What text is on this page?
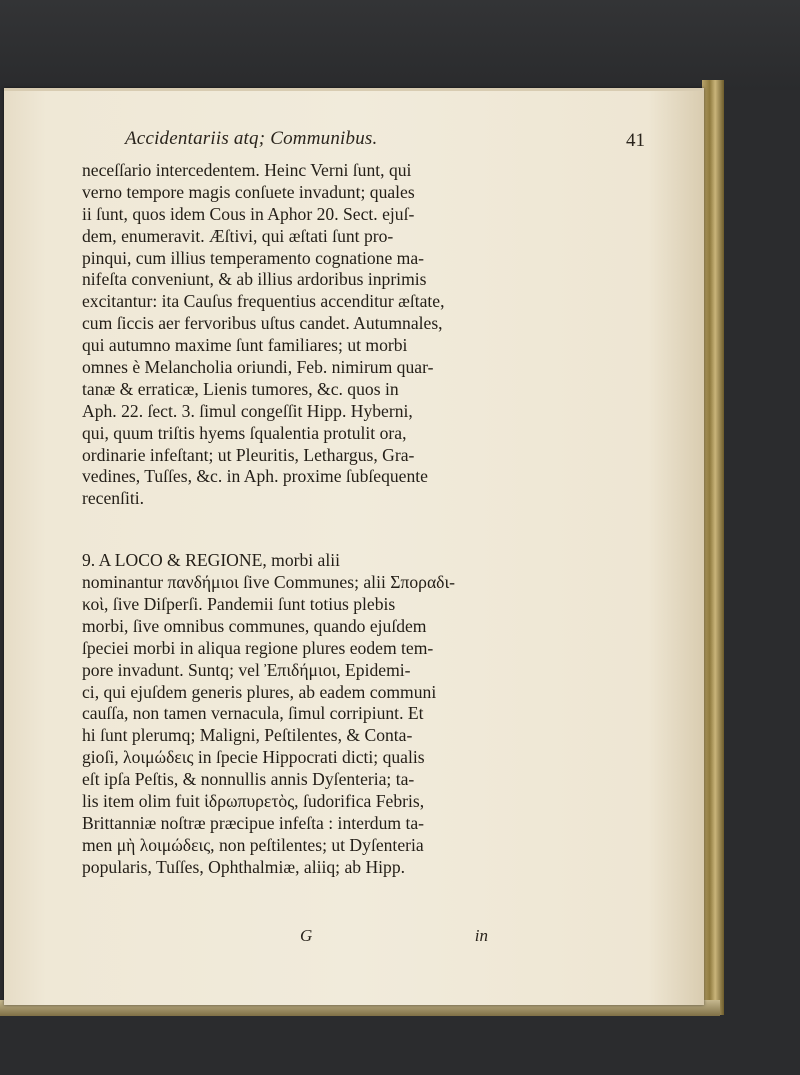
Accidentariis atq; Communibus.	41
neceſſario intercedentem. Heinc Verni ſunt, qui
verno tempore magis conſuete invadunt; quales
ii ſunt, quos idem Cous in Aphor 20. Sect. ejuſ-
dem, enumeravit. Æſtivi, qui æſtati ſunt pro-
pinqui, cum illius temperamento cognatione ma-
nifeſta conveniunt, & ab illius ardoribus inprimis
excitantur: ita Cauſus frequentius accenditur æſtate,
cum ſiccis aer fervoribus uſtus candet. Autumnales,
qui autumno maxime ſunt familiares; ut morbi
omnes è Melancholia oriundi, Feb. nimirum quar-
tanæ & erraticæ, Lienis tumores, &c. quos in
Aph. 22. ſect. 3. ſimul congeſſit Hipp. Hyberni,
qui, quum triſtis hyems ſqualentia protulit ora,
ordinarie infeſtant; ut Pleuritis, Lethargus, Gra-
vedines, Tuſſes, &c. in Aph. proxime ſubſequente
recenſiti.
9. A LOCO & REGIONE, morbi alii
nominantur πανδήμιοι ſive Communes; alii Σποραδι-
κοὶ, ſive Diſperſi. Pandemii ſunt totius plebis
morbi, ſive omnibus communes, quando ejuſdem
ſpeciei morbi in aliqua regione plures eodem tem-
pore invadunt. Suntq; vel Ἐπιδήμιοι, Epidemi-
ci, qui ejuſdem generis plures, ab eadem communi
cauſſa, non tamen vernacula, ſimul corripiunt. Et
hi ſunt plerumq; Maligni, Peſtilentes, & Conta-
gioſi, λοιμώδεις in ſpecie Hippocrati dicti; qualis
eſt ipſa Peſtis, & nonnullis annis Dyſenteria; ta-
lis item olim fuit ἱδρωπυρετὸς, ſudorifica Febris,
Brittanniæ noſtræ præcipue infeſta : interdum ta-
men μὴ λοιμώδεις, non peſtilentes; ut Dyſenteria
popularis, Tuſſes, Ophthalmiæ, aliiq; ab Hipp.
G	in
